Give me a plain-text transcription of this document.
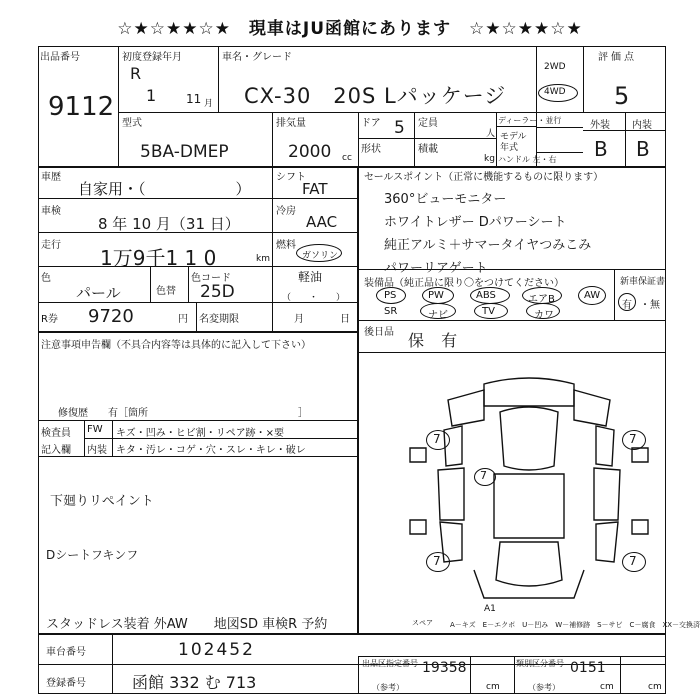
☆★☆★★☆★　現車はJU函館にあります　☆★☆★★☆★
出品番号
9112
初度登録年月
R
1 11 月
車名・グレード
CX-30　20S Lパッケージ
2WD
4WD
評価点
5
外装 内装
B B
型式
5BA-DMEP
排気量
2000 cc
ドア 5
形状
定員
人
積載
kg
ディーラー・並行
モデル
年式
ハンドル 左・右
車歴
自家用・（　　　　　　）
シフト
FAT
車検
8 年 10 月（31 日）
冷房
AAC
走行
1万9千1 1 0	km
燃料
ガソリン
軽油
（　　・　　）
色
パール	色替
色コード
25D
R券 9720	円 名変期限	月	日
セールスポイント（正常に機能するものに限ります）
360°ビューモニター
ホワイトレザー Dパワーシート
純正アルミ＋サマータイヤつみこみ
パワーリアゲート
装備品（純正品に限り〇をつけてください）	新車保証書
PS	PW	ABS	エアB	AW
SR	ナビ	TV	カワ
有 ・無
後日品 保 有
7	7
7	7
7
A1
スペア A－キズ　E－エクボ　U－凹み　W－補修跡　S－サビ　C－腐食　XX－交換済
注意事項申告欄（不具合内容等は具体的に記入して下さい）
修復歴　　有［箇所　　　　　　　　　　　　　　　］
検査員
記入欄
FW キズ・凹み・ヒビ割・リペア跡・×要
内装 キタ・汚レ・コゲ・穴・スレ・キレ・破レ
下廻りリペイント
Dシートフキンフ
スタッドレス装着 外AW　　地図SD 車検R 予約
車台番号	102452
登録番号	函館 332 む 713
出品区指定番号
（参考）
19358
cm
類別区分番号
（参考）
0151
cm	cm
